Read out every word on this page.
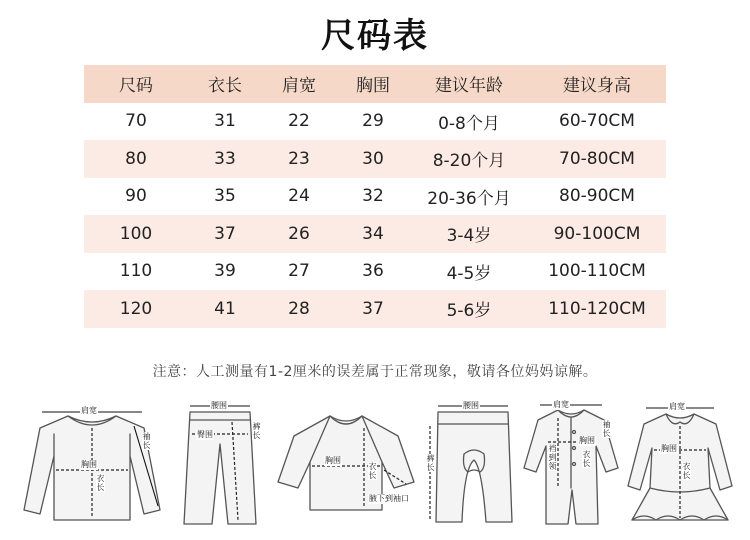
尺码表
尺码	衣长	肩宽	胸围	建议年龄	建议身高
70	31	22	29	0-8个月	60-70CM
80	33	23	30	8-20个月	70-80CM
90	35	24	32	20-36个月	80-90CM
100	37	26	34	3-4岁	90-100CM
110	39	27	36	4-5岁	100-110CM
120	41	28	37	5-6岁	110-120CM
注意：人工测量有1-2厘米的误差属于正常现象，敬请各位妈妈谅解。
肩宽
袖长
胸围
衣长
腰围
臀围
裤长
胸围
衣长
腋下到袖口
腰围
裤长
肩宽
袖长
胸围
衣长
裆到领
肩宽
胸围
衣长
